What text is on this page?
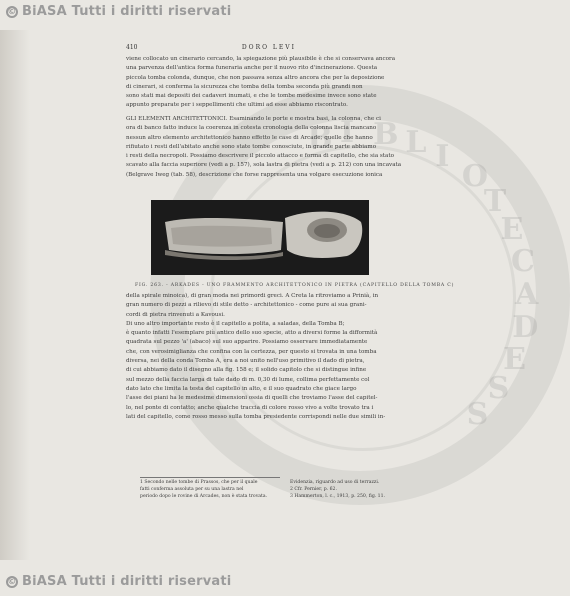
B I B L I
O
T
E
C
A
D
E
S
S
© BiASA Tutti i diritti riservati
410	DORO LEVI
viene collocato un cinerario cercando, la spiegazione più plausibile è che si conservava ancora
una parvenza dell'antica forma funeraria anche per il nuovo rito d'incinerazione. Questa
piccola tomba colonda, dunque, che non passava senza altro ancora che per la deposizione
di cinerari, si conferma la sicurezza che tomba della tomba seconda più grandi non
sono stati mai depositi dei cadaveri inumati, e che le tombe medesime invece sono state
appunto preparate per i seppellimenti che ultimi ad esse abbiamo riscontrato.
GLI ELEMENTI ARCHITETTONICI. Esaminando le porte e mostra basi, la colonna, che ci
ora di banco fatto induce la coerenza in cotesta cronologia della colonna liscia mancano
nessun altro elemento architettonico hanno effetto le case di Arcade; quelle che hanno
rifiutato i resti dell'abitato anche sono state tombe conosciute, in grande parte abbiamo
i resti della necropoli. Possiamo descrivere il piccolo attacco e forma di capitello, che sia stato
scavato alla faccia superiore (vedi a p. 157), sola lastra di pietra (vedi a p. 212) con una incavata
(Belgrave Iweg (tab. 58), descrizione che forse rappresenta una volgare esecuzione ionica
FIG. 263. - ARKADES - UNO FRAMMENTO ARCHITETTONICO IN PIETRA (CAPITELLO DELLA TOMBA C)
della spirale minoica), di gran moda nei primordi greci. A Creta la ritroviamo a Prinià, in
gran numero di pezzi a rilievo di stile detto - architettonico - come pure ai sua grani-
cordi di pietra rinvenuti a Kavousi.
Di uno altro importante resto è il capitello a polita, a saladas, della Tomba B;
è quanto infatti l'esemplare più antico dello suo specie, atto a diversi forme la difformità
quadrata sul pezzo 'a' (abaco) sul suo apparire. Possiamo osservare immediatamente
che, con verosimiglianza che confina con la certezza, per questo si trovata in una tomba
diversa, nei della conda Tomba A, era a noi unito nell'uso primitivo il dado di pietra,
di cui abbiamo dato il disegno alla fig. 158 e; il solido capitolo che si distingue infine
sul mezzo della faccia larga di tale dado di m. 0,30 di lume, collima perfettamente col
dato lato che limita la testa del capitello in alto, e il suo quadrato che giace largo
l'asse dei piani ha le medesime dimensioni ossia di quelli che troviamo l'asse del capitel-
lo, nel ponte di contatto; anche qualche traccia di colore rosso vivo a volte trovato tra i
lati del capitello, come rosso messo sulla tomba presiedente corrispondi nelle due simili in-
1 Secondo nelle tombe di Prassos, che per il quale
fatti conferma assoluta per su una lastra nel
periodo dopo le rovine di Arcades, non è stata trovata.
Evidenzia, riguardo ad uso di terrazzi.
2 Cfr. Pernier, p. 62.
3 Hammerton, l. c., 1913, p. 250, fig. 11.
© BiASA Tutti i diritti riservati
